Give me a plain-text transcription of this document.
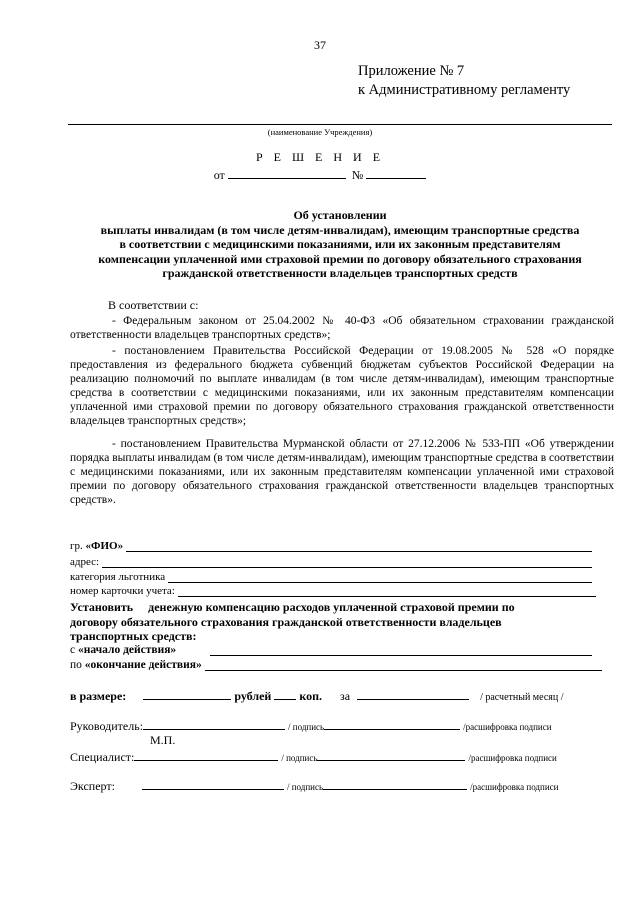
37
Приложение № 7
к Административному регламенту
(наименование Учреждения)
Р Е Ш Е Н И Е
от	№
Об установлении
выплаты инвалидам (в том числе детям-инвалидам), имеющим транспортные средства
в соответствии с медицинскими показаниями, или их законным представителям
компенсации уплаченной ими страховой премии по договору обязательного страхования
гражданской ответственности владельцев транспортных средств
В соответствии с:
- Федеральным законом от 25.04.2002 № 40-ФЗ «Об обязательном страховании гражданской ответственности владельцев транспортных средств»;
- постановлением Правительства Российской Федерации от 19.08.2005 № 528 «О порядке предоставления из федерального бюджета субвенций бюджетам субъектов Российской Федерации на реализацию полномочий по выплате инвалидам (в том числе детям-инвалидам), имеющим транспортные средства в соответствии с медицинскими показаниями, или их законным представителям компенсации уплаченной ими страховой премии по договору обязательного страхования гражданской ответственности владельцев транспортных средств»;
- постановлением Правительства Мурманской области от 27.12.2006 № 533-ПП «Об утверждении порядка выплаты инвалидам (в том числе детям-инвалидам), имеющим транспортные средства в соответствии с медицинскими показаниями, или их законным представителям компенсации уплаченной ими страховой премии по договору обязательного страхования гражданской ответственности владельцев транспортных средств».
гр.
«ФИО»
адрес:
категория льготника
номер карточки учета:
Установить денежную компенсацию расходов уплаченной страховой премии по
договору обязательного страхования гражданской ответственности владельцев
транспортных средств:
с
«начало действия»
по
«окончание действия»
в размере:	рублей коп. за	/ расчетный месяц /
Руководитель:	/ подпись	/расшифровка подписи
М.П.
Специалист:	/ подпись	/расшифровка подписи
Эксперт:	/ подпись	/расшифровка подписи
